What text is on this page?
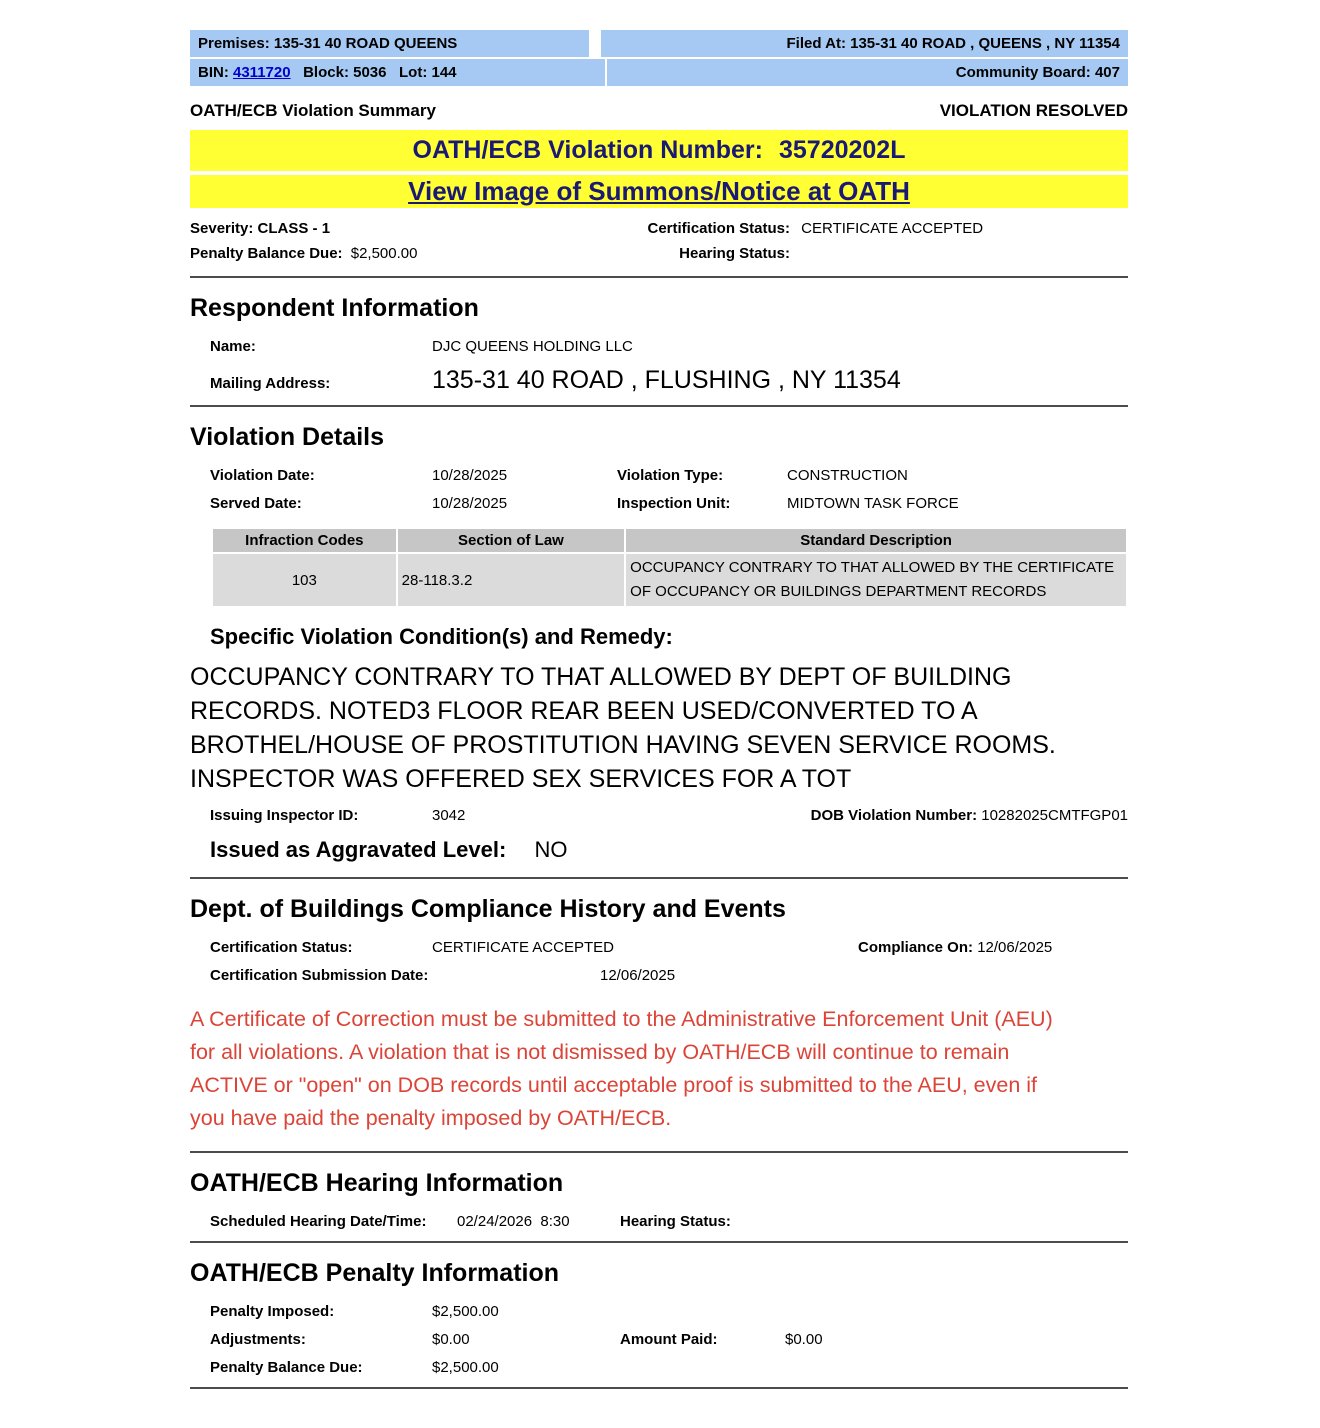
Premises: 135-31 40 ROAD QUEENS	Filed At: 135-31 40 ROAD , QUEENS , NY 11354
BIN: 4311720 Block: 5036 Lot: 144	Community Board: 407
OATH/ECB Violation Summary	VIOLATION RESOLVED
OATH/ECB Violation Number: 35720202L
View Image of Summons/Notice at OATH
Severity: CLASS - 1	Certification Status: CERTIFICATE ACCEPTED
Penalty Balance Due: $2,500.00	Hearing Status:
Respondent Information
Name:	DJC QUEENS HOLDING LLC
Mailing Address:	135-31 40 ROAD , FLUSHING , NY 11354
Violation Details
Violation Date:	10/28/2025	Violation Type:	CONSTRUCTION
Served Date:	10/28/2025	Inspection Unit:	MIDTOWN TASK FORCE
Infraction Codes	Section of Law	Standard Description
103	28-118.3.2	OCCUPANCY CONTRARY TO THAT ALLOWED BY THE CERTIFICATE OF OCCUPANCY OR BUILDINGS DEPARTMENT RECORDS
Specific Violation Condition(s) and Remedy:

OCCUPANCY CONTRARY TO THAT ALLOWED BY DEPT OF BUILDING RECORDS. NOTED3 FLOOR REAR BEEN USED/CONVERTED TO A BROTHEL/HOUSE OF PROSTITUTION HAVING SEVEN SERVICE ROOMS. INSPECTOR WAS OFFERED SEX SERVICES FOR A TOT

Issuing Inspector ID:	3042	DOB Violation Number: 10282025CMTFGP01
Issued as Aggravated Level: NO
Dept. of Buildings Compliance History and Events
Certification Status:	CERTIFICATE ACCEPTED	Compliance On: 12/06/2025
Certification Submission Date:	12/06/2025

A Certificate of Correction must be submitted to the Administrative Enforcement Unit (AEU) for all violations. A violation that is not dismissed by OATH/ECB will continue to remain ACTIVE or "open" on DOB records until acceptable proof is submitted to the AEU, even if you have paid the penalty imposed by OATH/ECB.

OATH/ECB Hearing Information
Scheduled Hearing Date/Time:	02/24/2026  8:30	Hearing Status:
OATH/ECB Penalty Information
Penalty Imposed:	$2,500.00
Adjustments:	$0.00	Amount Paid:	$0.00
Penalty Balance Due:	$2,500.00
